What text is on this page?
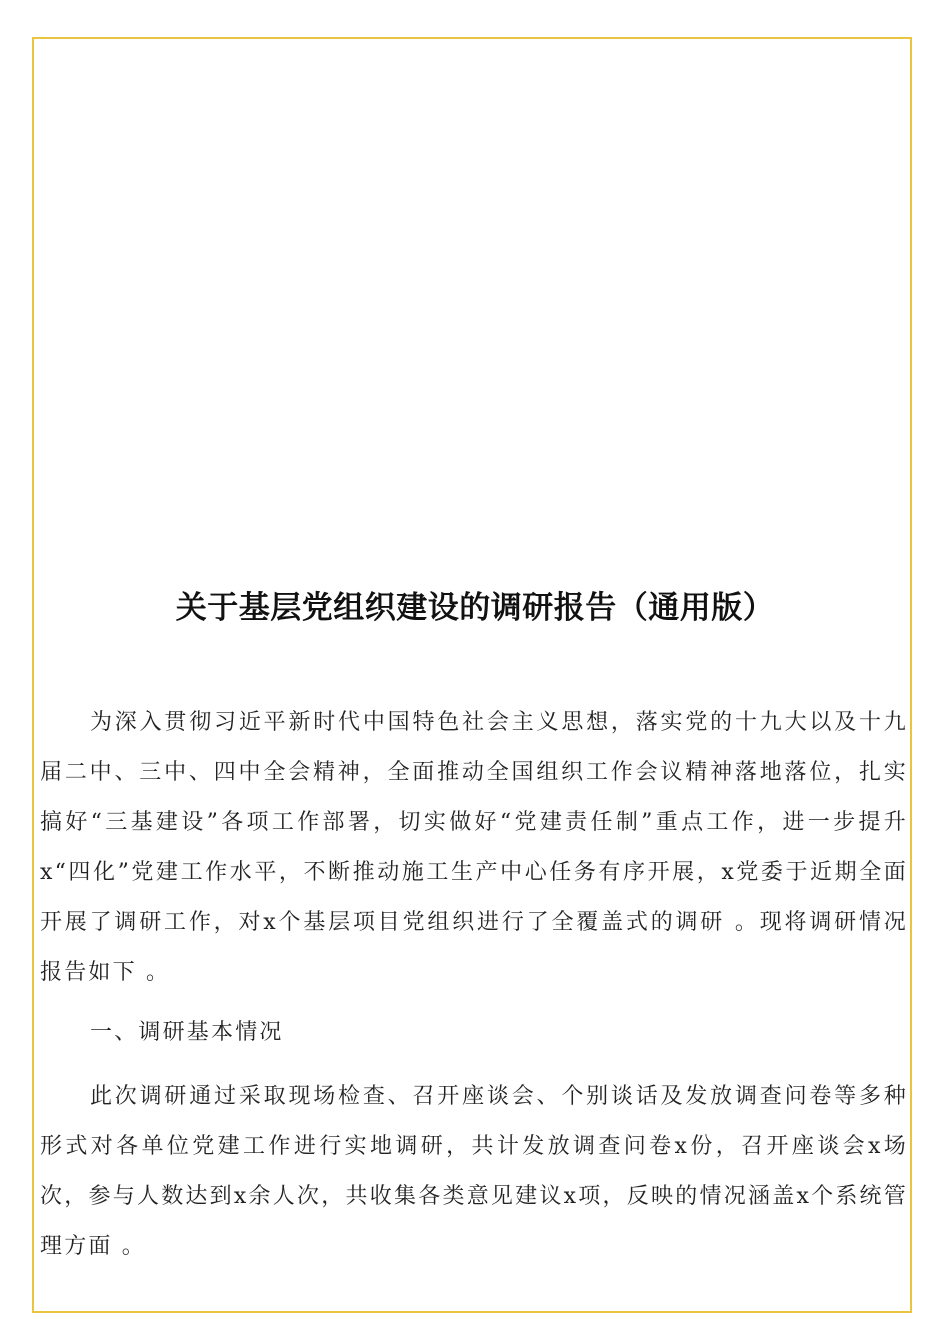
关于基层党组织建设的调研报告（通用版）
为深入贯彻习近平新时代中国特色社会主义思想，落实党的十九大以及十九届二中、三中、四中全会精神，全面推动全国组织工作会议精神落地落位，扎实搞好“三基建设”各项工作部署，切实做好“党建责任制”重点工作，进一步提升x“四化”党建工作水平，不断推动施工生产中心任务有序开展，x党委于近期全面开展了调研工作，对x个基层项目党组织进行了全覆盖式的调研 。现将调研情况报告如下 。
一、调研基本情况
此次调研通过采取现场检查、召开座谈会、个别谈话及发放调查问卷等多种形式对各单位党建工作进行实地调研，共计发放调查问卷x份，召开座谈会x场次，参与人数达到x余人次，共收集各类意见建议x项，反映的情况涵盖x个系统管理方面 。
